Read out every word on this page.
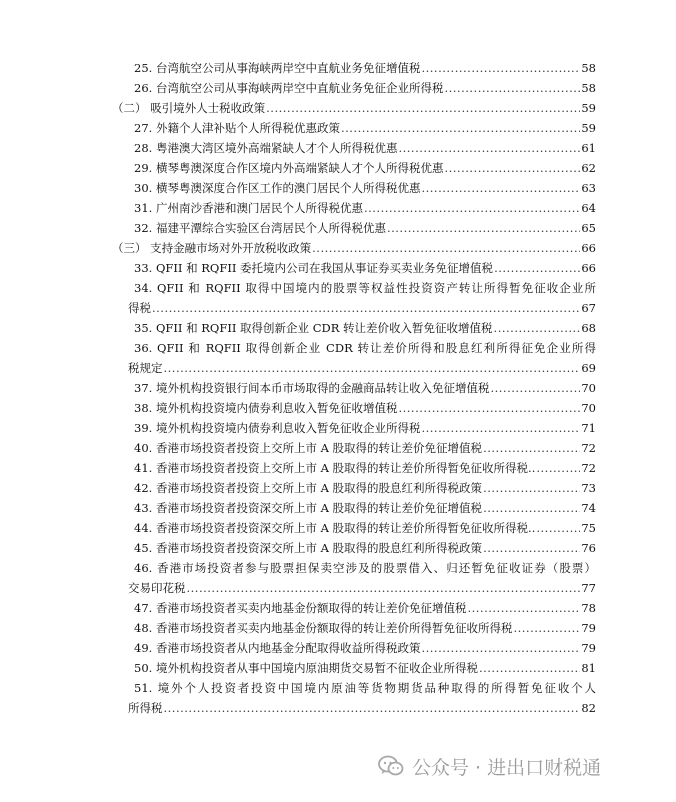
25. 台湾航空公司从事海峡两岸空中直航业务免征增值税 .....	58
26. 台湾航空公司从事海峡两岸空中直航业务免征企业所得税 .....	58
（二） 吸引境外人士税收政策 .....	59
27. 外籍个人津补贴个人所得税优惠政策 .....	59
28. 粤港澳大湾区境外高端紧缺人才个人所得税优惠 .....	61
29. 横琴粤澳深度合作区境内外高端紧缺人才个人所得税优惠 .....	62
30. 横琴粤澳深度合作区工作的澳门居民个人所得税优惠 .....	63
31. 广州南沙香港和澳门居民个人所得税优惠 .....	64
32. 福建平潭综合实验区台湾居民个人所得税优惠 .....	65
（三） 支持金融市场对外开放税收政策 .....	66
33. QFII 和 RQFII 委托境内公司在我国从事证券买卖业务免征增值税 .....	66
34. QFII 和 RQFII 取得中国境内的股票等权益性投资资产转让所得暂免征收企业所
得税 .....	67
35. QFII 和 RQFII 取得创新企业 CDR 转让差价收入暂免征收增值税 .....	68
36. QFII 和 RQFII 取得创新企业 CDR 转让差价所得和股息红利所得征免企业所得
税规定 .....	69
37. 境外机构投资银行间本币市场取得的金融商品转让收入免征增值税 .....	70
38. 境外机构投资境内债券利息收入暂免征收增值税 .....	70
39. 境外机构投资境内债券利息收入暂免征收企业所得税 .....	71
40. 香港市场投资者投资上交所上市 A 股取得的转让差价免征增值税 .....	72
41. 香港市场投资者投资上交所上市 A 股取得的转让差价所得暂免征收所得税.. .....	72
42. 香港市场投资者投资上交所上市 A 股取得的股息红利所得税政策 .....	73
43. 香港市场投资者投资深交所上市 A 股取得的转让差价免征增值税 .....	74
44. 香港市场投资者投资深交所上市 A 股取得的转让差价所得暂免征收所得税.. .....	75
45. 香港市场投资者投资深交所上市 A 股取得的股息红利所得税政策 .....	76
46. 香港市场投资者参与股票担保卖空涉及的股票借入、归还暂免征收证券（股票）
交易印花税 .....	77
47. 香港市场投资者买卖内地基金份额取得的转让差价免征增值税 .....	78
48. 香港市场投资者买卖内地基金份额取得的转让差价所得暂免征收所得税 .....	79
49. 香港市场投资者从内地基金分配取得收益所得税政策 .....	79
50. 境外机构投资者从事中国境内原油期货交易暂不征收企业所得税 .....	81
51. 境外个人投资者投资中国境内原油等货物期货品种取得的所得暂免征收个人
所得税 .....	82
公众号 · 进出口财税通
